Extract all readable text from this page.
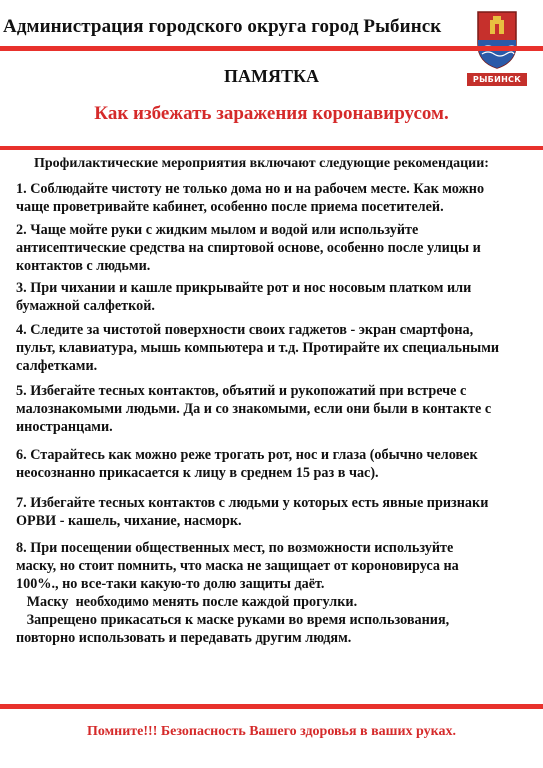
Администрация городского округа город Рыбинск
РЫБИНСК
ПАМЯТКА
Как избежать заражения коронавирусом.
Профилактические мероприятия включают следующие рекомендации:
1. Соблюдайте чистоту не только дома но и на рабочем месте. Как можно
чаще проветривайте кабинет, особенно после приема посетителей.
2. Чаще мойте руки с жидким мылом и водой или используйте
антисептические средства на спиртовой основе, особенно после улицы и
контактов с людьми.
3. При чихании и кашле прикрывайте рот и нос носовым платком или
бумажной салфеткой.
4. Следите за чистотой поверхности своих гаджетов - экран смартфона,
пульт, клавиатура, мышь компьютера и т.д. Протирайте их специальными
салфетками.
5. Избегайте тесных контактов, объятий и рукопожатий при встрече с
малознакомыми людьми. Да и со знакомыми, если они были в контакте с
иностранцами.
6. Старайтесь как можно реже трогать рот, нос и глаза (обычно человек
неосознанно прикасается к лицу в среднем 15 раз в час).
7. Избегайте тесных контактов с людьми у которых есть явные признаки
ОРВИ - кашель, чихание, насморк.
8. При посещении общественных мест, по возможности используйте
маску, но стоит помнить, что маска не защищает от короновируса на
100%., но все-таки какую-то долю защиты даёт.
Маску  необходимо менять после каждой прогулки.
Запрещено прикасаться к маске руками во время использования,
повторно использовать и передавать другим людям.
Помните!!! Безопасность Вашего здоровья в ваших руках.
